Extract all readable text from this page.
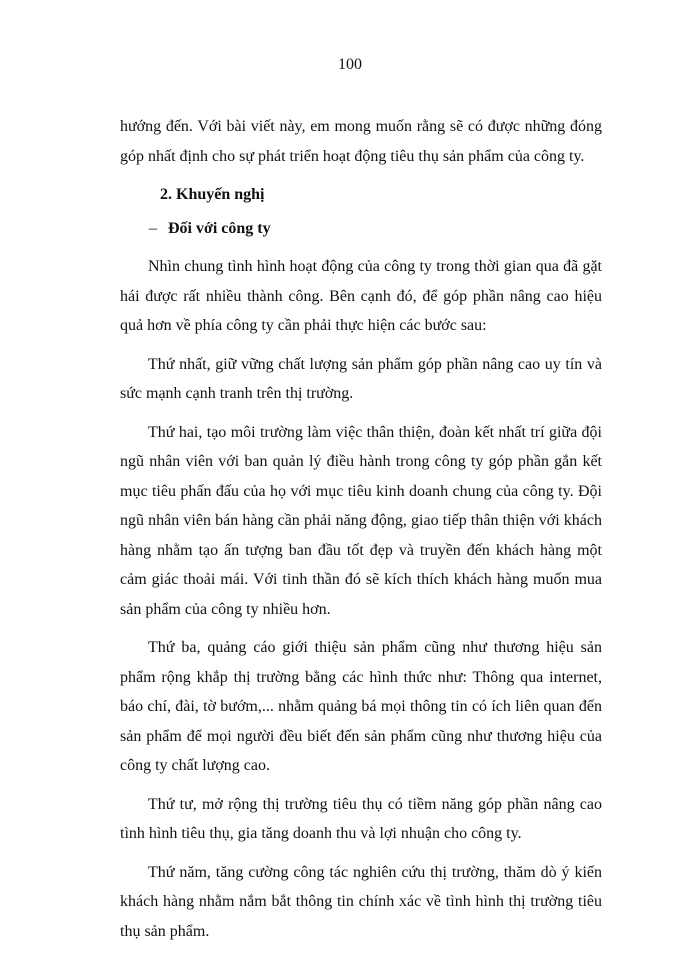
100

hướng đến. Với bài viết này, em mong muốn rằng sẽ có được những đóng góp nhất định cho sự phát triển hoạt động tiêu thụ sản phẩm của công ty.

2. Khuyến nghị
– Đối với công ty

Nhìn chung tình hình hoạt động của công ty trong thời gian qua đã gặt hái được rất nhiều thành công. Bên cạnh đó, để góp phần nâng cao hiệu quả hơn về phía công ty cần phải thực hiện các bước sau:

Thứ nhất, giữ vững chất lượng sản phẩm góp phần nâng cao uy tín và sức mạnh cạnh tranh trên thị trường.

Thứ hai, tạo môi trường làm việc thân thiện, đoàn kết nhất trí giữa đội ngũ nhân viên với ban quản lý điều hành trong công ty góp phần gắn kết mục tiêu phấn đấu của họ với mục tiêu kinh doanh chung của công ty. Đội ngũ nhân viên bán hàng cần phải năng động, giao tiếp thân thiện với khách hàng nhằm tạo ấn tượng ban đầu tốt đẹp và truyền đến khách hàng một cảm giác thoải mái. Với tinh thần đó sẽ kích thích khách hàng muốn mua sản phẩm của công ty nhiều hơn.

Thứ ba, quảng cáo giới thiệu sản phẩm cũng như thương hiệu sản phẩm rộng khắp thị trường bằng các hình thức như: Thông qua internet, báo chí, đài, tờ bướm,... nhằm quảng bá mọi thông tin có ích liên quan đến sản phẩm để mọi người đều biết đến sản phẩm cũng như thương hiệu của công ty chất lượng cao.

Thứ tư, mở rộng thị trường tiêu thụ có tiềm năng góp phần nâng cao tình hình tiêu thụ, gia tăng doanh thu và lợi nhuận cho công ty.

Thứ năm, tăng cường công tác nghiên cứu thị trường, thăm dò ý kiến khách hàng nhằm nắm bắt thông tin chính xác về tình hình thị trường tiêu thụ sản phẩm.
